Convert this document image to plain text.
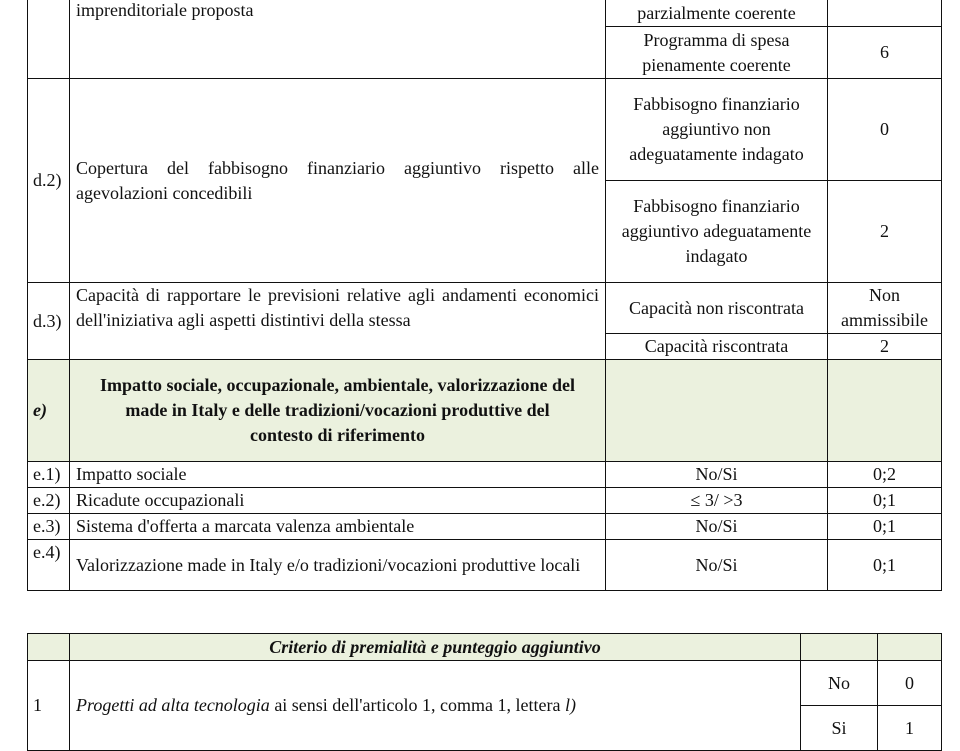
imprenditoriale proposta	parzialmente coerente	
		Programma di spesa pienamente coerente	6
d.2)	Copertura del fabbisogno finanziario aggiuntivo rispetto alle agevolazioni concedibili	Fabbisogno finanziario aggiuntivo non adeguatamente indagato	0
		Fabbisogno finanziario aggiuntivo adeguatamente indagato	2
d.3)	Capacità di rapportare le previsioni relative agli andamenti economici dell'iniziativa agli aspetti distintivi della stessa	Capacità non riscontrata	Non ammissibile
		Capacità riscontrata	2
e)	Impatto sociale, occupazionale, ambientale, valorizzazione del made in Italy e delle tradizioni/vocazioni produttive del contesto di riferimento		
e.1)	Impatto sociale	No/Si	0;2
e.2)	Ricadute occupazionali	≤ 3/ >3	0;1
e.3)	Sistema d'offerta a marcata valenza ambientale	No/Si	0;1
e.4)	Valorizzazione made in Italy e/o tradizioni/vocazioni produttive locali	No/Si	0;1
	Criterio di premialità e punteggio aggiuntivo		
1	Progetti ad alta tecnologia ai sensi dell'articolo 1, comma 1, lettera l)	No	0
		Si	1
